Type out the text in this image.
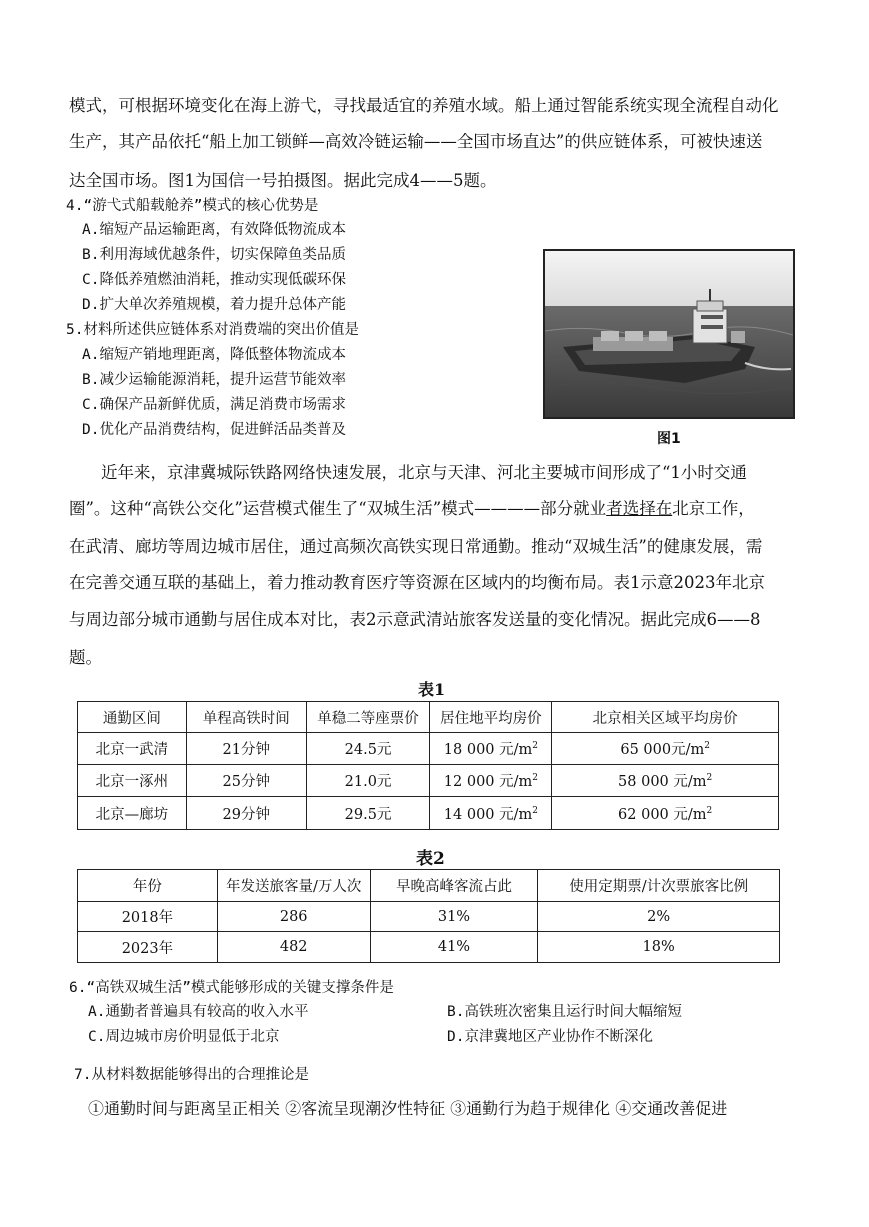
模式，可根据环境变化在海上游弋，寻找最适宜的养殖水域。船上通过智能系统实现全流程自动化
生产，其产品依托“船上加工锁鲜—高效冷链运输——全国市场直达”的供应链体系，可被快速送
达全国市场。图1为国信一号拍摄图。据此完成4——5题。
4.“游弋式船载舱养”模式的核心优势是
A.缩短产品运输距离，有效降低物流成本
B.利用海域优越条件，切实保障鱼类品质
C.降低养殖燃油消耗，推动实现低碳环保
D.扩大单次养殖规模，着力提升总体产能
5.材料所述供应链体系对消费端的突出价值是
A.缩短产销地理距离，降低整体物流成本
B.减少运输能源消耗，提升运营节能效率
C.确保产品新鲜优质，满足消费市场需求
D.优化产品消费结构，促进鲜活品类普及
图1
近年来，京津冀城际铁路网络快速发展，北京与天津、河北主要城市间形成了“1小时交通
圈”。这种“高铁公交化”运营模式催生了“双城生活”模式————部分就业者选择在北京工作，
在武清、廊坊等周边城市居住，通过高频次高铁实现日常通勤。推动“双城生活”的健康发展，需
在完善交通互联的基础上，着力推动教育医疗等资源在区域内的均衡布局。表1示意2023年北京
与周边部分城市通勤与居住成本对比，表2示意武清站旅客发送量的变化情况。据此完成6——8
题。
表1
通勤区间	单程高铁时间	单稳二等座票价	居住地平均房价	北京相关区域平均房价
北京一武清	21分钟	24.5元	18 000 元$/m^2$	65 000元$/m^2$
北京一涿州	25分钟	21.0元	12 000 元$/m^2$	58 000 元$/m^2$
北京—廊坊	29分钟	29.5元	14 000 元$/m^2$	62 000 元$/m^2$
表2
年份	年发送旅客量/万人次	早晚高峰客流占此	使用定期票/计次票旅客比例
2018年	286	31%	2%
2023年	482	41%	18%
6.“高铁双城生活”模式能够形成的关键支撑条件是
A.通勤者普遍具有较高的收入水平	B.高铁班次密集且运行时间大幅缩短
C.周边城市房价明显低于北京	D.京津冀地区产业协作不断深化
7.从材料数据能够得出的合理推论是
①通勤时间与距离呈正相关 ②客流呈现潮汐性特征 ③通勤行为趋于规律化 ④交通改善促进
